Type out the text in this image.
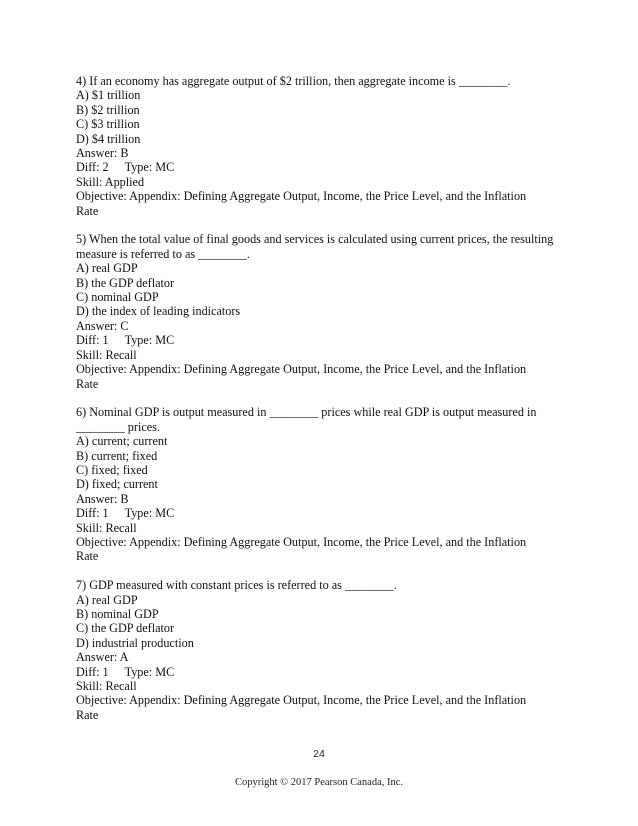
4) If an economy has aggregate output of $2 trillion, then aggregate income is ________.
A) $1 trillion
B) $2 trillion
C) $3 trillion
D) $4 trillion
Answer: B
Diff: 2 Type: MC
Skill: Applied
Objective: Appendix: Defining Aggregate Output, Income, the Price Level, and the Inflation
Rate
5) When the total value of final goods and services is calculated using current prices, the resulting measure is referred to as ________.
A) real GDP
B) the GDP deflator
C) nominal GDP
D) the index of leading indicators
Answer: C
Diff: 1 Type: MC
Skill: Recall
Objective: Appendix: Defining Aggregate Output, Income, the Price Level, and the Inflation
Rate
6) Nominal GDP is output measured in ________ prices while real GDP is output measured in ________ prices.
A) current; current
B) current; fixed
C) fixed; fixed
D) fixed; current
Answer: B
Diff: 1 Type: MC
Skill: Recall
Objective: Appendix: Defining Aggregate Output, Income, the Price Level, and the Inflation
Rate
7) GDP measured with constant prices is referred to as ________.
A) real GDP
B) nominal GDP
C) the GDP deflator
D) industrial production
Answer: A
Diff: 1 Type: MC
Skill: Recall
Objective: Appendix: Defining Aggregate Output, Income, the Price Level, and the Inflation
Rate
24
Copyright © 2017 Pearson Canada, Inc.
